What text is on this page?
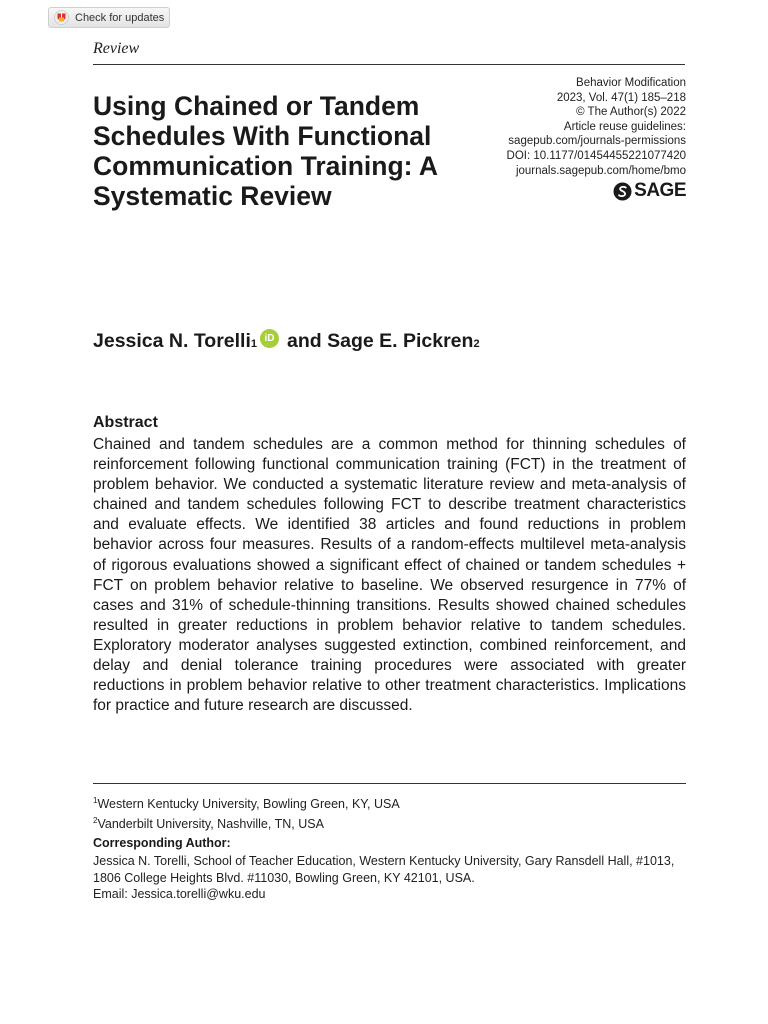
Check for updates
Review
Behavior Modification
2023, Vol. 47(1) 185–218
© The Author(s) 2022
Article reuse guidelines:
sagepub.com/journals-permissions
DOI: 10.1177/01454455221077420
journals.sagepub.com/home/bmo
SAGE
Using Chained or Tandem Schedules With Functional Communication Training: A Systematic Review
Jessica N. Torelli 1 iD and
Sage E. Pickren 2
Abstract

Chained and tandem schedules are a common method for thinning schedules of reinforcement following functional communication training (FCT) in the treatment of problem behavior. We conducted a systematic literature review and meta-analysis of chained and tandem schedules following FCT to describe treatment characteristics and evaluate effects. We identified 38 articles and found reductions in problem behavior across four measures. Results of a random-effects multilevel meta-analysis of rigorous evaluations showed a significant effect of chained or tandem schedules + FCT on problem behavior relative to baseline. We observed resurgence in 77% of cases and 31% of schedule-thinning transitions. Results showed chained schedules resulted in greater reductions in problem behavior relative to tandem schedules. Exploratory moderator analyses suggested extinction, combined reinforcement, and delay and denial tolerance training procedures were associated with greater reductions in problem behavior relative to other treatment characteristics. Implications for practice and future research are discussed.

$^1$Western Kentucky University, Bowling Green, KY, USA
$^2$Vanderbilt University, Nashville, TN, USA
Corresponding Author:

Jessica N. Torelli, School of Teacher Education, Western Kentucky University, Gary Ransdell Hall, #1013, 1806 College Heights Blvd. #11030, Bowling Green, KY 42101, USA.

Email: Jessica.torelli@wku.edu
